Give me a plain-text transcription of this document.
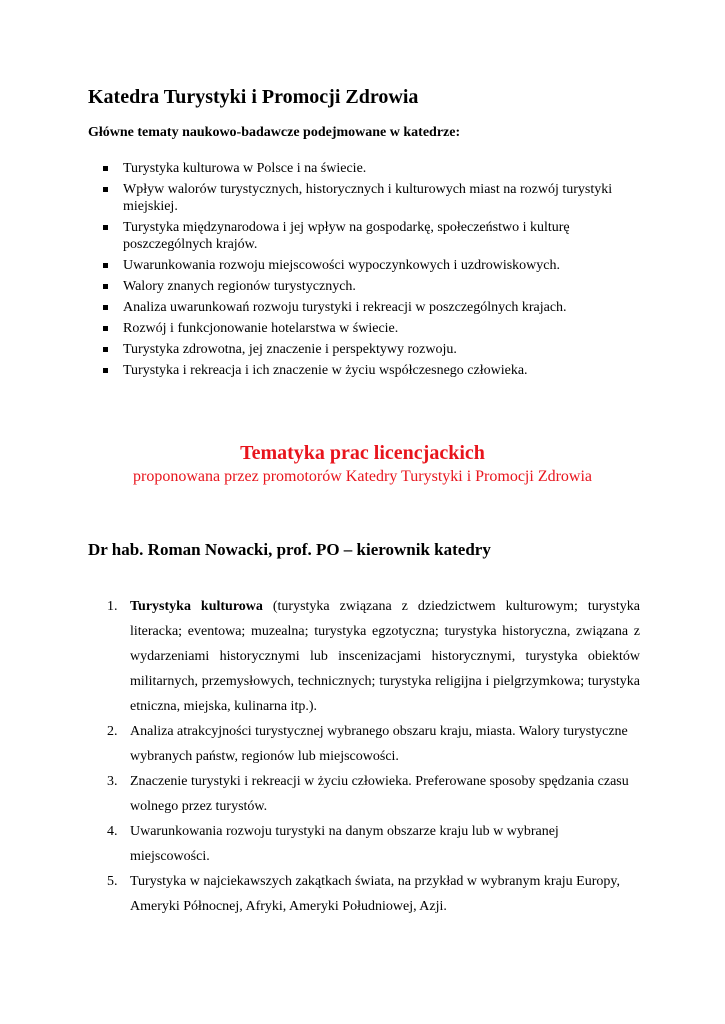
Katedra Turystyki i Promocji Zdrowia
Główne tematy naukowo-badawcze podejmowane w katedrze:
Turystyka kulturowa w Polsce i na świecie.
Wpływ walorów turystycznych, historycznych i kulturowych miast na rozwój turystyki miejskiej.
Turystyka międzynarodowa i jej wpływ na gospodarkę, społeczeństwo i kulturę poszczególnych krajów.
Uwarunkowania rozwoju miejscowości wypoczynkowych i uzdrowiskowych.
Walory znanych regionów turystycznych.
Analiza uwarunkowań rozwoju turystyki i rekreacji w poszczególnych krajach.
Rozwój i funkcjonowanie hotelarstwa w świecie.
Turystyka zdrowotna, jej znaczenie i perspektywy rozwoju.
Turystyka i rekreacja i ich znaczenie w życiu współczesnego człowieka.
Tematyka prac licencjackich

proponowana przez promotorów Katedry Turystyki i Promocji Zdrowia

Dr hab. Roman Nowacki, prof. PO – kierownik katedry
1. Turystyka kulturowa (turystyka związana z dziedzictwem kulturowym; turystyka literacka; eventowa; muzealna; turystyka egzotyczna; turystyka historyczna, związana z wydarzeniami historycznymi lub inscenizacjami historycznymi, turystyka obiektów militarnych, przemysłowych, technicznych; turystyka religijna i pielgrzymkowa; turystyka etniczna, miejska, kulinarna itp.).
2. Analiza atrakcyjności turystycznej wybranego obszaru kraju, miasta. Walory turystyczne wybranych państw, regionów lub miejscowości.
3. Znaczenie turystyki i rekreacji w życiu człowieka. Preferowane sposoby spędzania czasu wolnego przez turystów.
4. Uwarunkowania rozwoju turystyki na danym obszarze kraju lub w wybranej miejscowości.
5. Turystyka w najciekawszych zakątkach świata, na przykład w wybranym kraju Europy, Ameryki Północnej, Afryki, Ameryki Południowej, Azji.
